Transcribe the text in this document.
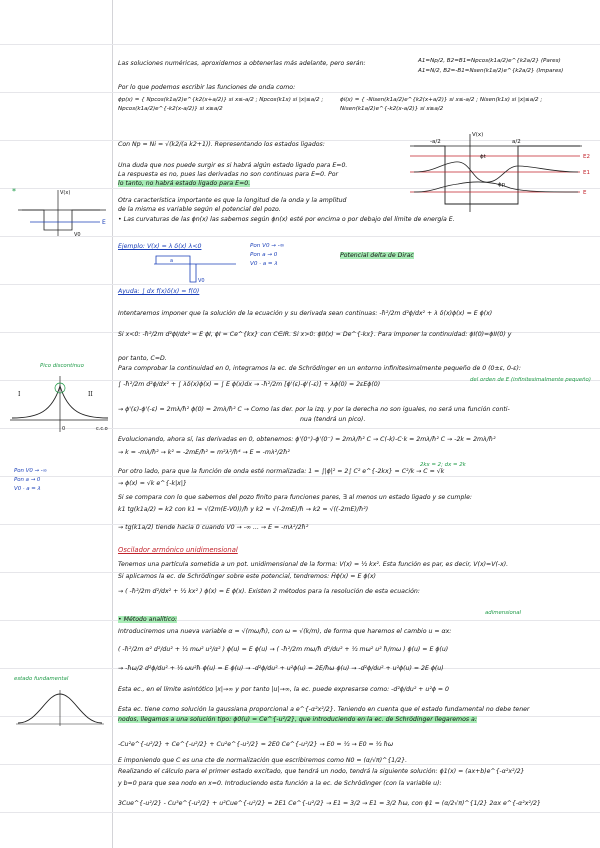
Las soluciones numéricas, aproxidemos a obtenerlas más adelante, pero serán:	A1=Np/2, B2=B1=Npcos(k1a/2)e^{k2a/2} (Pares)
A1=N/2, B2=-B1=Nsen(k1a/2)e^{k2a/2} (Impares)
Por lo que podemos escribir las funciones de onda como:
ϕp(x) = { Npcos(k1a/2)e^{k2(x+a/2)} si x≤-a/2 ; Npcos(k1x) si |x|≤a/2 ; Npcos(k1a/2)e^{-k2(x-a/2)} si x≥a/2
ϕi(x) = { -Nisen(k1a/2)e^{k2(x+a/2)} si x≤-a/2 ; Nisen(k1x) si |x|≤a/2 ; Nisen(k1a/2)e^{-k2(x-a/2)} si x≥a/2
Con Np = Ni = √(k2/(a k2+1)). Representando los estados ligados:
V(x)
-a/2	a/2
E2
E1
E
ϕt
ϕp
Una duda que nos puede surgir es si habrá algún estado ligado para E=0.
La respuesta es no, pues las derivadas no son continuas para E=0. Por
lo tanto, no habrá estado ligado para E=0.
Otra característica importante es que la longitud de la onda y la amplitud
de la misma es variable según el potencial del pozo.
• Las curvaturas de las ϕn(x) las sabemos según ϕn(x) esté por encima o por debajo del límite de energía E.
*
E
V(x)
V0
Ejemplo: V(x) = λ δ(x) λ<0	Pon V0 → -∞
Pon a → 0
V0 · a = λ
Potencial delta de Dirac
a
V0
Ayuda: ∫ dx f(x)δ(x) = f(0)
Intentaremos imponer que la solución de la ecuación y su derivada sean continuas: -ħ²/2m d²ϕ/dx² + λ δ(x)ϕ(x) = E ϕ(x)
Si x<0: -ħ²/2m d²ϕI/dx² = E ϕI, ϕI = Ce^{kx} con C∈IR. Si x>0: ϕII(x) = De^{-kx}. Para imponer la continuidad: ϕI(0)=ϕII(0) y
por tanto, C=D.
Para comprobar la continuidad en 0, integramos la ec. de Schrödinger en un entorno infinitesimalmente pequeño de 0 (0±ε, 0-ε):
∫ -ħ²/2m d²ϕ/dx² + ∫ λδ(x)ϕ(x) = ∫ E ϕ(x)dx → -ħ²/2m [ϕ'(ε)-ϕ'(-ε)] + λϕ(0) = 2εEϕ(0)
del orden de E (infinitesimalmente pequeño)
→ ϕ'(ε)-ϕ'(-ε) = 2mλ/ħ² ϕ(0) = 2mλ/ħ² C → Como las der. por la izq. y por la derecha no son iguales, no será una función conti-
nua (tendrá un pico).
Evolucionando, ahora sí, las derivadas en 0, obtenemos: ϕ'(0⁺)-ϕ'(0⁻) = 2mλ/ħ² C → C(-k)-C·k = 2mλ/ħ² C → -2k = 2mλ/ħ²
→ k = -mλ/ħ² → k² = -2mE/ħ² = m²λ²/ħ⁴ → E = -mλ²/2ħ²
Por otro lado, para que la función de onda esté normalizada: 1 = ∫|ϕ|² = 2∫ C² e^{-2kx} = C²/k → C = √k
2kx = 2; dx = 2k
→ ϕ(x) = √k e^{-k|x|}
Si se compara con lo que sabemos del pozo finito para funciones pares, ∃ al menos un estado ligado y se cumple:
k1 tg(k1a/2) = k2 con k1 = √(2m(E-V0))/ħ y k2 = √(-2mE)/ħ → k2 = √((-2mE)/ħ²)
→ tg(k1a/2) tiende hacia 0 cuando V0 → -∞ ... → E = -mλ²/2ħ²
Pico discontinuo
I	II
0	c.c.o
Pon V0 → -∞
Pon a → 0
V0 · a = λ
Oscilador armónico unidimensional
Tenemos una partícula sometida a un pot. unidimensional de la forma: V(x) = ½ kx². Esta función es par, es decir, V(x)=V(-x).
Si aplicamos la ec. de Schrödinger sobre este potencial, tendremos: Ĥϕ(x) = E ϕ(x)
→ ( -ħ²/2m d²/dx² + ½ kx² ) ϕ(x) = E ϕ(x). Existen 2 métodos para la resolución de esta ecuación:
• Método analítico:
adimensional
Introduciremos una nueva variable α = √(mω/ħ), con ω = √(k/m), de forma que haremos el cambio u = αx:
( -ħ²/2m α² d²/du² + ½ mω² u²/α² ) ϕ(u) = E ϕ(u) → ( -ħ²/2m mω/ħ d²/du² + ½ mω² u² ħ/mω ) ϕ(u) = E ϕ(u)
→ -ħω/2 d²ϕ/du² + ½ ωu²ħ ϕ(u) = E ϕ(u) → -d²ϕ/du² + u²ϕ(u) = 2E/ħω ϕ(u) → -d²ϕ/du² + u²ϕ(u) = 2E ϕ(u)
Esta ec., en el límite asintótico |x|→∞ y por tanto |u|→∞, la ec. puede expresarse como: -d²ϕ/du² + u²ϕ = 0
Esta ec. tiene como solución la gaussiana proporcional a e^{-α²x²/2}. Teniendo en cuenta que el estado fundamental no debe tener
nodos, llegamos a una solución tipo: ϕ0(u) = Ce^{-u²/2}, que introduciendo en la ec. de Schrödinger llegaremos a:
-Cu²e^{-u²/2} + Ce^{-u²/2} + Cu²e^{-u²/2} = 2E0 Ce^{-u²/2} → E0 = ½ → E0 = ½ ħω
E imponiendo que C es una cte de normalización que escribiremos como N0 = (α/√π)^{1/2}.
Realizando el cálculo para el primer estado excitado, que tendrá un nodo, tendrá la siguiente solución: ϕ1(x) = (ax+b)e^{-α²x²/2}
y b=0 para que sea nodo en x=0. Introduciendo esta función a la ec. de Schrödinger (con la variable u):
3Cue^{-u²/2} - Cu³e^{-u²/2} + u²Cue^{-u²/2} = 2E1 Ce^{-u²/2} → E1 = 3/2 → E1 = 3/2 ħω, con ϕ1 = (α/2√π)^{1/2} 2αx e^{-α²x²/2}
estado fundamental
